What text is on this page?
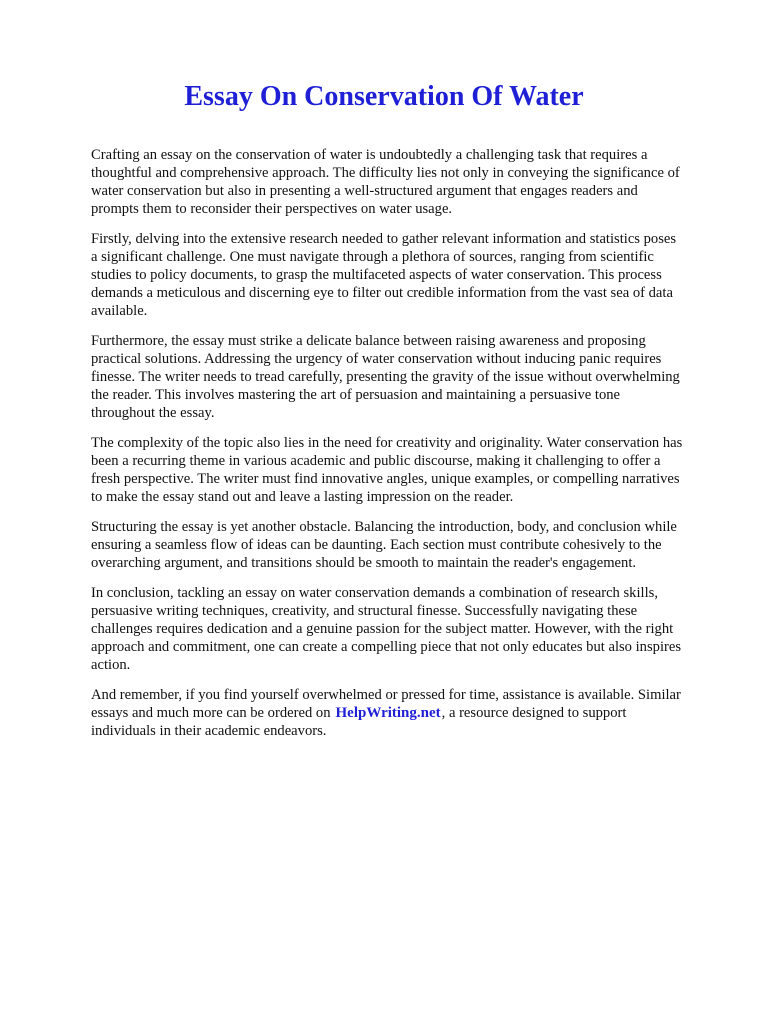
Essay On Conservation Of Water

Crafting an essay on the conservation of water is undoubtedly a challenging task that requires a
thoughtful and comprehensive approach. The difficulty lies not only in conveying the significance of
water conservation but also in presenting a well-structured argument that engages readers and
prompts them to reconsider their perspectives on water usage.

Firstly, delving into the extensive research needed to gather relevant information and statistics poses
a significant challenge. One must navigate through a plethora of sources, ranging from scientific
studies to policy documents, to grasp the multifaceted aspects of water conservation. This process
demands a meticulous and discerning eye to filter out credible information from the vast sea of data
available.

Furthermore, the essay must strike a delicate balance between raising awareness and proposing
practical solutions. Addressing the urgency of water conservation without inducing panic requires
finesse. The writer needs to tread carefully, presenting the gravity of the issue without overwhelming
the reader. This involves mastering the art of persuasion and maintaining a persuasive tone
throughout the essay.

The complexity of the topic also lies in the need for creativity and originality. Water conservation has
been a recurring theme in various academic and public discourse, making it challenging to offer a
fresh perspective. The writer must find innovative angles, unique examples, or compelling narratives
to make the essay stand out and leave a lasting impression on the reader.

Structuring the essay is yet another obstacle. Balancing the introduction, body, and conclusion while
ensuring a seamless flow of ideas can be daunting. Each section must contribute cohesively to the
overarching argument, and transitions should be smooth to maintain the reader's engagement.

In conclusion, tackling an essay on water conservation demands a combination of research skills,
persuasive writing techniques, creativity, and structural finesse. Successfully navigating these
challenges requires dedication and a genuine passion for the subject matter. However, with the right
approach and commitment, one can create a compelling piece that not only educates but also inspires
action.

And remember, if you find yourself overwhelmed or pressed for time, assistance is available. Similar
essays and much more can be ordered on HelpWriting.net, a resource designed to support
individuals in their academic endeavors.
